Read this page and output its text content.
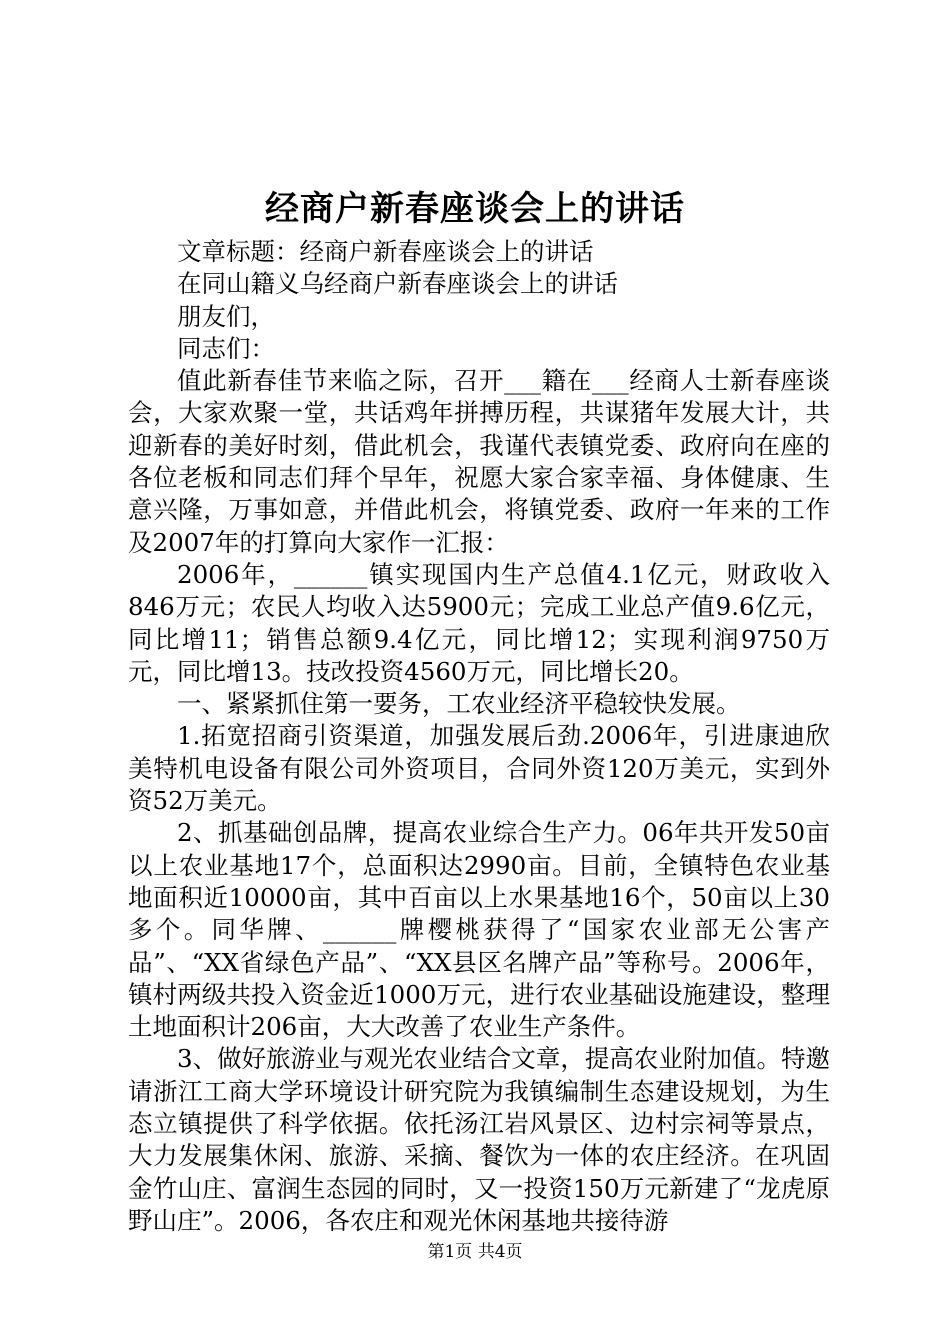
经商户新春座谈会上的讲话

文章标题：经商户新春座谈会上的讲话

在同山籍义乌经商户新春座谈会上的讲话

朋友们，

同志们：

值此新春佳节来临之际，召开___籍在___经商人士新春座谈会，大家欢聚一堂，共话鸡年拼搏历程，共谋猪年发展大计，共迎新春的美好时刻，借此机会，我谨代表镇党委、政府向在座的各位老板和同志们拜个早年，祝愿大家合家幸福、身体健康、生意兴隆，万事如意，并借此机会，将镇党委、政府一年来的工作及2007年的打算向大家作一汇报：

2006年，______镇实现国内生产总值4.1亿元，财政收入846万元；农民人均收入达5900元；完成工业总产值9.6亿元，同比增11；销售总额9.4亿元，同比增12；实现利润9750万元，同比增13。技改投资4560万元，同比增长20。

一、紧紧抓住第一要务，工农业经济平稳较快发展。

1.拓宽招商引资渠道，加强发展后劲.2006年，引进康迪欣美特机电设备有限公司外资项目，合同外资120万美元，实到外资52万美元。

2、抓基础创品牌，提高农业综合生产力。06年共开发50亩以上农业基地17个，总面积达2990亩。目前，全镇特色农业基地面积近10000亩，其中百亩以上水果基地16个，50亩以上30多个。同华牌、______牌樱桃获得了“国家农业部无公害产品”、“XX省绿色产品”、“XX县区名牌产品”等称号。2006年，镇村两级共投入资金近1000万元，进行农业基础设施建设，整理土地面积计206亩，大大改善了农业生产条件。

3、做好旅游业与观光农业结合文章，提高农业附加值。特邀请浙江工商大学环境设计研究院为我镇编制生态建设规划，为生态立镇提供了科学依据。依托汤江岩风景区、边村宗祠等景点，大力发展集休闲、旅游、采摘、餐饮为一体的农庄经济。在巩固金竹山庄、富润生态园的同时，又一投资150万元新建了“龙虎原野山庄”。2006，各农庄和观光休闲基地共接待游

第1页 共4页
